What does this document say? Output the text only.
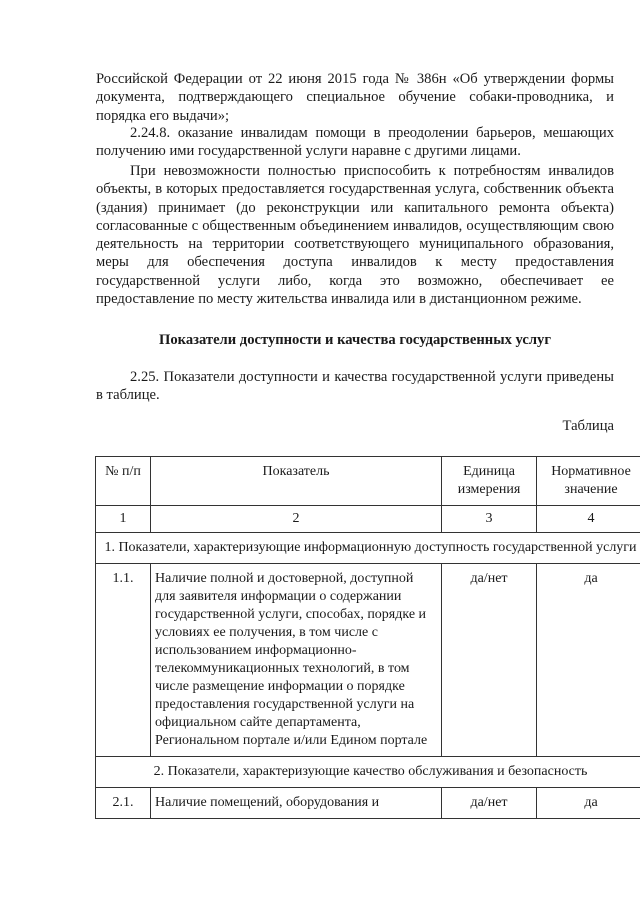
Российской Федерации от 22 июня 2015 года № 386н «Об утверждении формы документа, подтверждающего специальное обучение собаки-проводника, и порядка его выдачи»;

2.24.8. оказание инвалидам помощи в преодолении барьеров, мешающих получению ими государственной услуги наравне с другими лицами.

При невозможности полностью приспособить к потребностям инвалидов объекты, в которых предоставляется государственная услуга, собственник объекта (здания) принимает (до реконструкции или капитального ремонта объекта) согласованные с общественным объединением инвалидов, осуществляющим свою деятельность на территории соответствующего муниципального образования, меры для обеспечения доступа инвалидов к месту предоставления государственной услуги либо, когда это возможно, обеспечивает ее предоставление по месту жительства инвалида или в дистанционном режиме.

Показатели доступности и качества государственных услуг

2.25. Показатели доступности и качества государственной услуги приведены в таблице.

Таблица

№ п/п	Показатель	Единица измерения	Нормативное значение
1	2	3	4
1. Показатели, характеризующие информационную доступность государственной услуги			
1.1.	Наличие полной и достоверной, доступной для заявителя информации о содержании государственной услуги, способах, порядке и условиях ее получения, в том числе с использованием информационно-телекоммуникационных технологий, в том числе размещение информации о порядке предоставления государственной услуги на официальном сайте департамента, Региональном портале и/или Едином портале	да/нет	да
2. Показатели, характеризующие качество обслуживания и безопасность			
2.1.	Наличие помещений, оборудования и	да/нет	да
